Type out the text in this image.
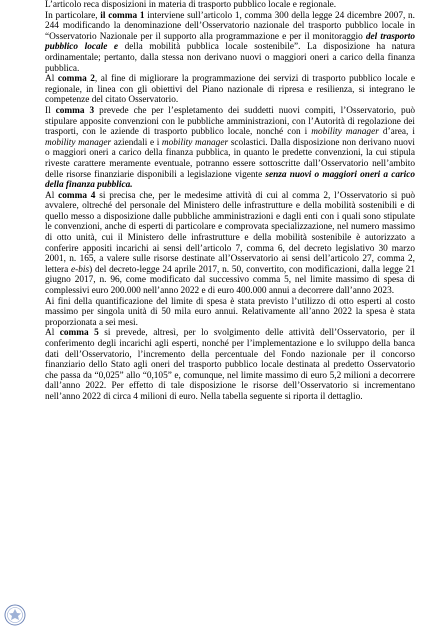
L’articolo reca disposizioni in materia di trasporto pubblico locale e regionale.

In particolare, il comma 1 interviene sull’articolo 1, comma 300 della legge 24 dicembre 2007, n. 244 modificando la denominazione dell’Osservatorio nazionale del trasporto pubblico locale in “Osservatorio Nazionale per il supporto alla programmazione e per il monitoraggio del trasporto pubblico locale e della mobilità pubblica locale sostenibile”. La disposizione ha natura ordinamentale; pertanto, dalla stessa non derivano nuovi o maggiori oneri a carico della finanza pubblica.

Al comma 2, al fine di migliorare la programmazione dei servizi di trasporto pubblico locale e regionale, in linea con gli obiettivi del Piano nazionale di ripresa e resilienza, si integrano le competenze del citato Osservatorio.

Il comma 3 prevede che per l’espletamento dei suddetti nuovi compiti, l’Osservatorio, può stipulare apposite convenzioni con le pubbliche amministrazioni, con l’Autorità di regolazione dei trasporti, con le aziende di trasporto pubblico locale, nonché con i mobility manager d’area, i mobility manager aziendali e i mobility manager scolastici. Dalla disposizione non derivano nuovi o maggiori oneri a carico della finanza pubblica, in quanto le predette convenzioni, la cui stipula riveste carattere meramente eventuale, potranno essere sottoscritte dall’Osservatorio nell’ambito delle risorse finanziarie disponibili a legislazione vigente senza nuovi o maggiori oneri a carico della finanza pubblica.

Al comma 4 si precisa che, per le medesime attività di cui al comma 2, l’Osservatorio si può avvalere, oltreché del personale del Ministero delle infrastrutture e della mobilità sostenibili e di quello messo a disposizione dalle pubbliche amministrazioni e dagli enti con i quali sono stipulate le convenzioni, anche di esperti di particolare e comprovata specializzazione, nel numero massimo di otto unità, cui il Ministero delle infrastrutture e della mobilità sostenibile è autorizzato a conferire appositi incarichi ai sensi dell’articolo 7, comma 6, del decreto legislativo 30 marzo 2001, n. 165, a valere sulle risorse destinate all’Osservatorio ai sensi dell’articolo 27, comma 2, lettera e-bis) del decreto-legge 24 aprile 2017, n. 50, convertito, con modificazioni, dalla legge 21 giugno 2017, n. 96, come modificato dal successivo comma 5, nel limite massimo di spesa di complessivi euro 200.000 nell’anno 2022 e di euro 400.000 annui a decorrere dall’anno 2023.

Ai fini della quantificazione del limite di spesa è stata previsto l’utilizzo di otto esperti al costo massimo per singola unità di 50 mila euro annui. Relativamente all’anno 2022 la spesa è stata proporzionata a sei mesi.

Al comma 5 si prevede, altresì, per lo svolgimento delle attività dell’Osservatorio, per il conferimento degli incarichi agli esperti, nonché per l’implementazione e lo sviluppo della banca dati dell’Osservatorio, l’incremento della percentuale del Fondo nazionale per il concorso finanziario dello Stato agli oneri del trasporto pubblico locale destinata al predetto Osservatorio che passa da “0,025” allo “0,105” e, comunque, nel limite massimo di euro 5,2 milioni a decorrere dall’anno 2022. Per effetto di tale disposizione le risorse dell’Osservatorio si incrementano nell’anno 2022 di circa 4 milioni di euro. Nella tabella seguente si riporta il dettaglio.
